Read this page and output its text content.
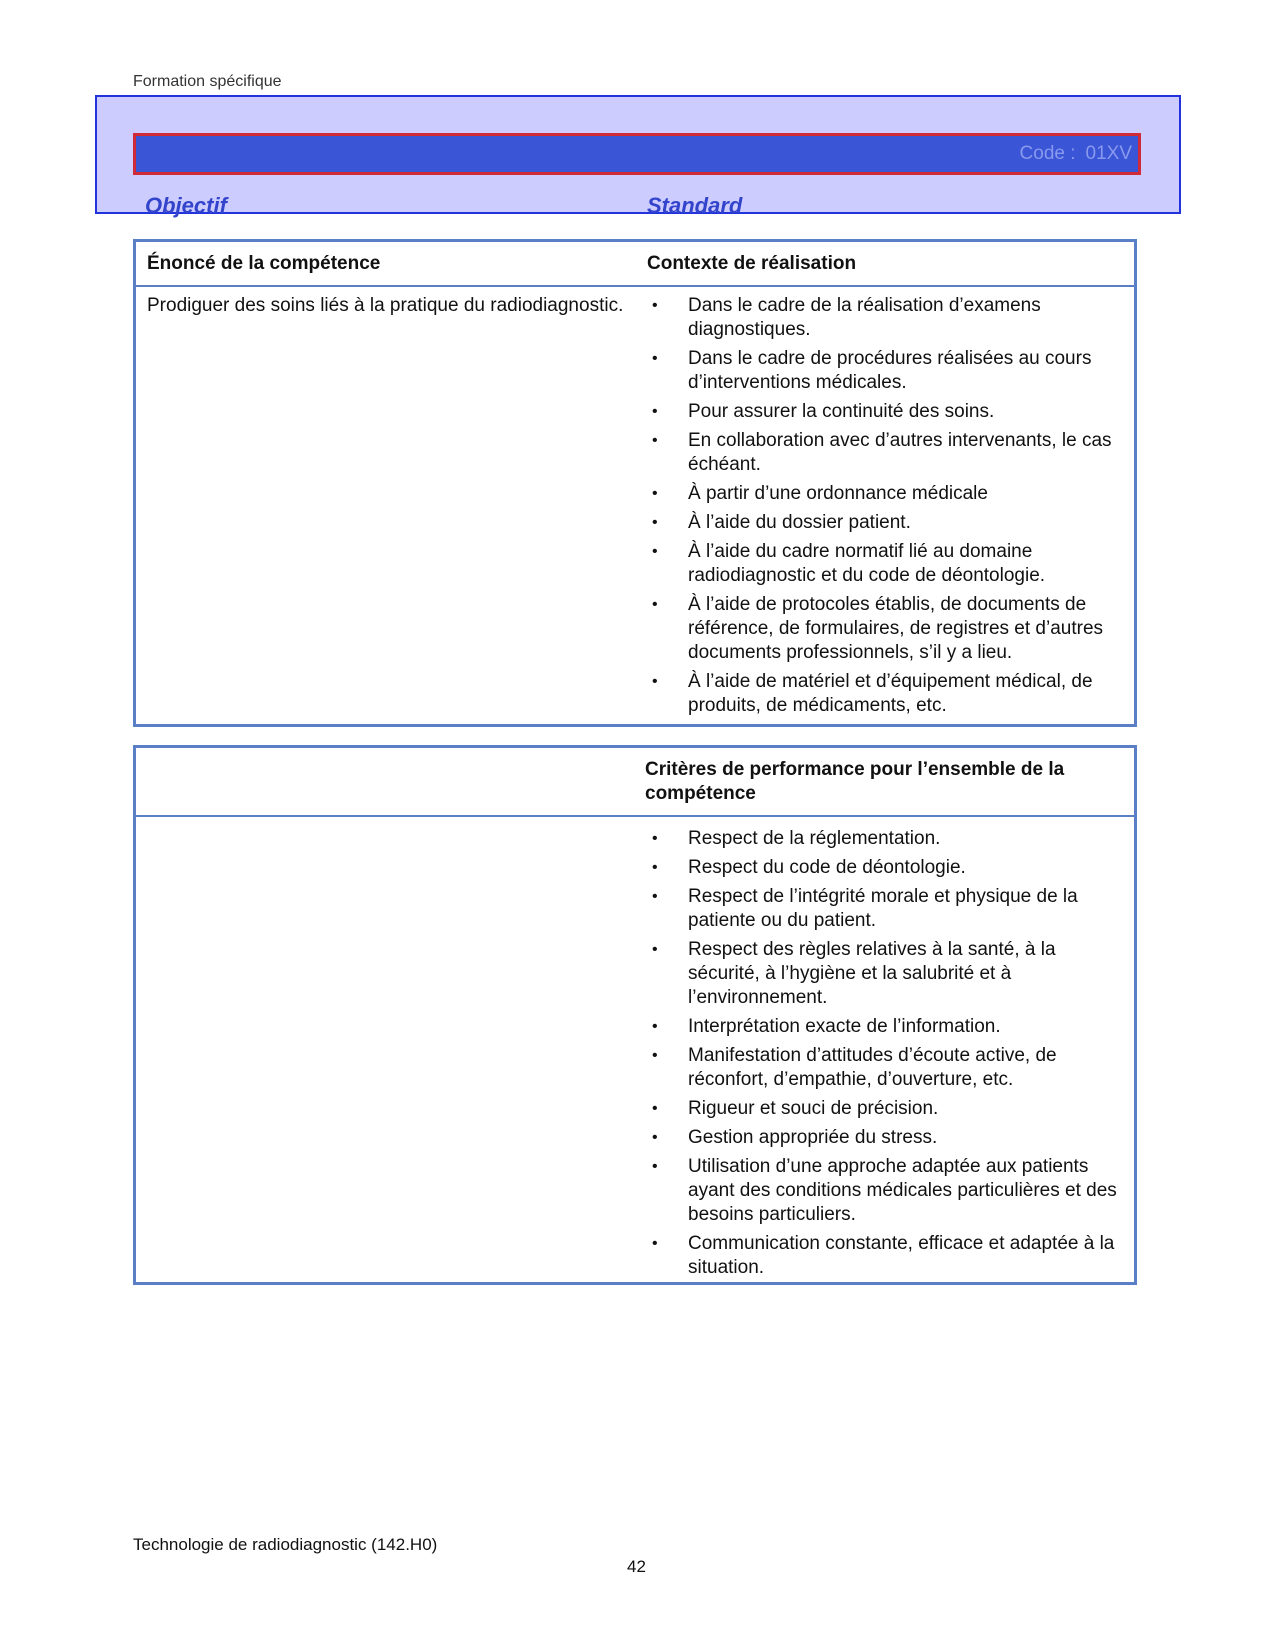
Formation spécifique
Code : 01XV
Objectif	Standard
Énoncé de la compétence	Contexte de réalisation
Prodiguer des soins liés à la pratique du radiodiagnostic. • Dans le cadre de la réalisation d’examens diagnostiques.
• Dans le cadre de procédures réalisées au cours d’interventions médicales.
• Pour assurer la continuité des soins.
• En collaboration avec d’autres intervenants, le cas échéant.
• À partir d’une ordonnance médicale
• À l’aide du dossier patient.
• À l’aide du cadre normatif lié au domaine radiodiagnostic et du code de déontologie.
• À l’aide de protocoles établis, de documents de référence, de formulaires, de registres et d’autres documents professionnels, s’il y a lieu.
• À l’aide de matériel et d’équipement médical, de produits, de médicaments, etc.
Critères de performance pour l’ensemble de la compétence
• Respect de la réglementation.
• Respect du code de déontologie.
• Respect de l’intégrité morale et physique de la patiente ou du patient.
• Respect des règles relatives à la santé, à la sécurité, à l’hygiène et la salubrité et à l’environnement.
• Interprétation exacte de l’information.
• Manifestation d’attitudes d’écoute active, de réconfort, d’empathie, d’ouverture, etc.
• Rigueur et souci de précision.
• Gestion appropriée du stress.
• Utilisation d’une approche adaptée aux patients ayant des conditions médicales particulières et des besoins particuliers.
• Communication constante, efficace et adaptée à la situation.
Technologie de radiodiagnostic (142.H0)
42
